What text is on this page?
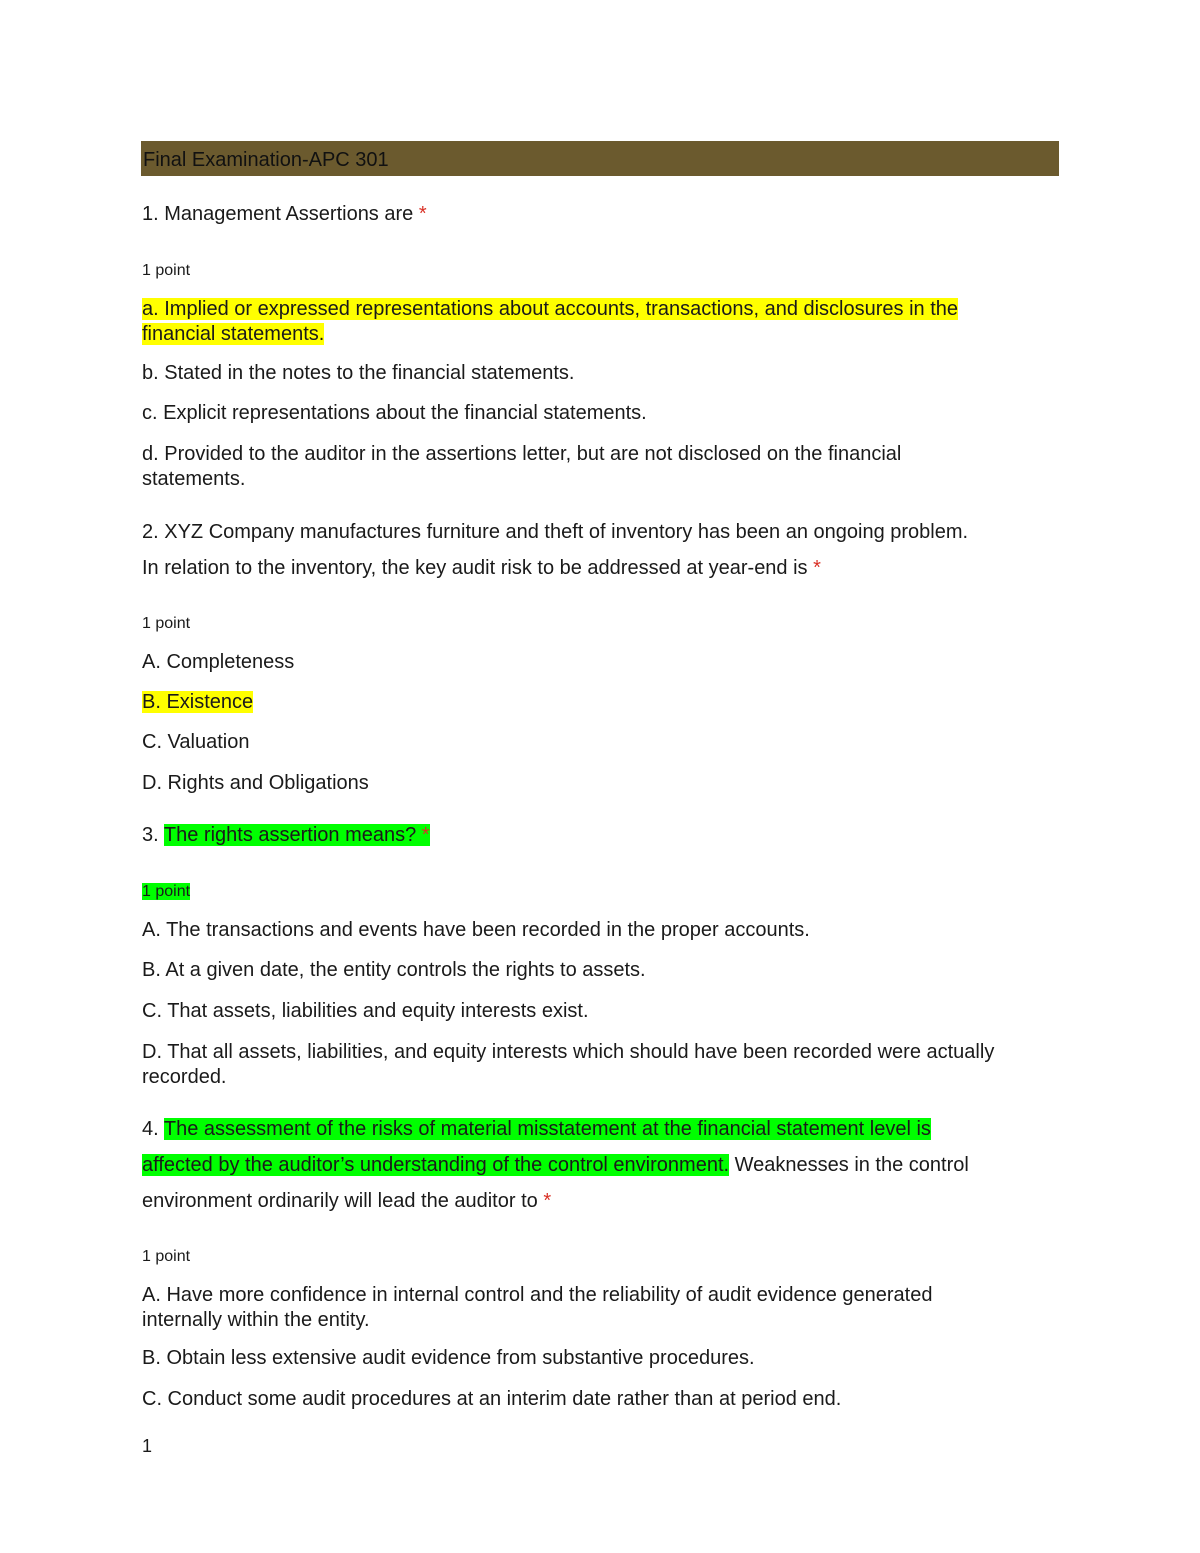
Final Examination-APC 301
1. Management Assertions are *
1 point
a. Implied or expressed representations about accounts, transactions, and disclosures in the
financial statements.
b. Stated in the notes to the financial statements.
c. Explicit representations about the financial statements.
d. Provided to the auditor in the assertions letter, but are not disclosed on the financial
statements.
2. XYZ Company manufactures furniture and theft of inventory has been an ongoing problem.
In relation to the inventory, the key audit risk to be addressed at year-end is *
1 point
A. Completeness
B. Existence
C. Valuation
D. Rights and Obligations
3. The rights assertion means? *
1 point
A. The transactions and events have been recorded in the proper accounts.
B. At a given date, the entity controls the rights to assets.
C. That assets, liabilities and equity interests exist.
D. That all assets, liabilities, and equity interests which should have been recorded were actually
recorded.
4. The assessment of the risks of material misstatement at the financial statement level is
affected by the auditor’s understanding of the control environment. Weaknesses in the control
environment ordinarily will lead the auditor to *
1 point
A. Have more confidence in internal control and the reliability of audit evidence generated
internally within the entity.
B. Obtain less extensive audit evidence from substantive procedures.
C. Conduct some audit procedures at an interim date rather than at period end.
1
